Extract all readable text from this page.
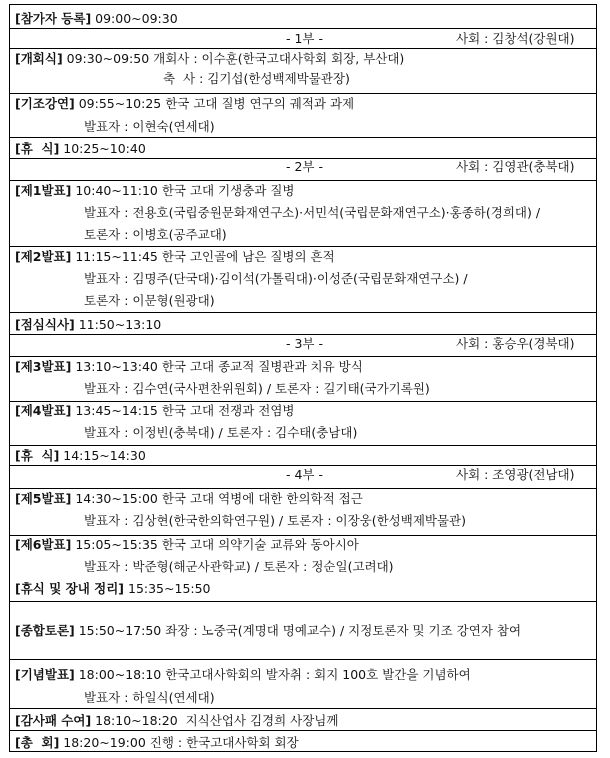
[참가자 등록] 09:00~09:30
- 1부 -	사회 : 김창석(강원대)
[개회식] 09:30~09:50 개회사 : 이수훈(한국고대사학회 회장, 부산대)
축  사 : 김기섭(한성백제박물관장)
[기조강연] 09:55~10:25 한국 고대 질병 연구의 궤적과 과제
발표자 : 이현숙(연세대)
[휴  식] 10:25~10:40
- 2부 -	사회 : 김영관(충북대)
[제1발표] 10:40~11:10 한국 고대 기생충과 질병
발표자 : 전용호(국립중원문화재연구소)·서민석(국립문화재연구소)·홍종하(경희대) /
토론자 : 이병호(공주교대)
[제2발표] 11:15~11:45 한국 고인골에 남은 질병의 흔적
발표자 : 김명주(단국대)·김이석(가톨릭대)·이성준(국립문화재연구소) /
토론자 : 이문형(원광대)
[점심식사] 11:50~13:10
- 3부 -	사회 : 홍승우(경북대)
[제3발표] 13:10~13:40 한국 고대 종교적 질병관과 치유 방식
발표자 : 김수연(국사편찬위원회) / 토론자 : 길기태(국가기록원)
[제4발표] 13:45~14:15 한국 고대 전쟁과 전염병
발표자 : 이정빈(충북대) / 토론자 : 김수태(충남대)
[휴  식] 14:15~14:30
- 4부 -	사회 : 조영광(전남대)
[제5발표] 14:30~15:00 한국 고대 역병에 대한 한의학적 접근
발표자 : 김상현(한국한의학연구원) / 토론자 : 이장웅(한성백제박물관)
[제6발표] 15:05~15:35 한국 고대 의약기술 교류와 동아시아
발표자 : 박준형(해군사관학교) / 토론자 : 정순일(고려대)
[휴식 및 장내 정리] 15:35~15:50
[종합토론] 15:50~17:50 좌장 : 노중국(계명대 명예교수) / 지정토론자 및 기조 강연자 참여
[기념발표] 18:00~18:10 한국고대사학회의 발자취 : 회지 100호 발간을 기념하여
발표자 : 하일식(연세대)
[감사패 수여] 18:10~18:20  지식산업사 김경희 사장님께
[총  회] 18:20~19:00 진행 : 한국고대사학회 회장
